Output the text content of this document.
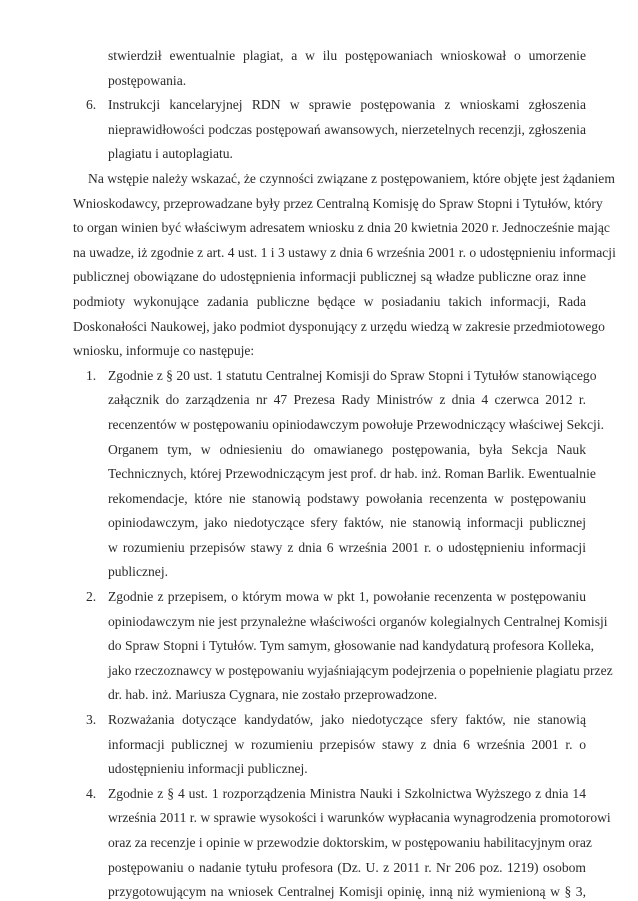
stwierdził ewentualnie plagiat, a w ilu postępowaniach wnioskował o umorzenie
postępowania.
6. Instrukcji kancelaryjnej RDN w sprawie postępowania z wnioskami zgłoszenia
nieprawidłowości podczas postępowań awansowych, nierzetelnych recenzji, zgłoszenia
plagiatu i autoplagiatu.
Na wstępie należy wskazać, że czynności związane z postępowaniem, które objęte jest żądaniem
Wnioskodawcy, przeprowadzane były przez Centralną Komisję do Spraw Stopni i Tytułów, który
to organ winien być właściwym adresatem wniosku z dnia 20 kwietnia 2020 r. Jednocześnie mając
na uwadze, iż zgodnie z art. 4 ust. 1 i 3 ustawy z dnia 6 września 2001 r. o udostępnieniu informacji
publicznej obowiązane do udostępnienia informacji publicznej są władze publiczne oraz inne
podmioty wykonujące zadania publiczne będące w posiadaniu takich informacji, Rada
Doskonałości Naukowej, jako podmiot dysponujący z urzędu wiedzą w zakresie przedmiotowego
wniosku, informuje co następuje:
1. Zgodnie z § 20 ust. 1 statutu Centralnej Komisji do Spraw Stopni i Tytułów stanowiącego
załącznik do zarządzenia nr 47 Prezesa Rady Ministrów z dnia 4 czerwca 2012 r.
recenzentów w postępowaniu opiniodawczym powołuje Przewodniczący właściwej Sekcji.
Organem tym, w odniesieniu do omawianego postępowania, była Sekcja Nauk
Technicznych, której Przewodniczącym jest prof. dr hab. inż. Roman Barlik. Ewentualnie
rekomendacje, które nie stanowią podstawy powołania recenzenta w postępowaniu
opiniodawczym, jako niedotyczące sfery faktów, nie stanowią informacji publicznej
w rozumieniu przepisów stawy z dnia 6 września 2001 r. o udostępnieniu informacji
publicznej.
2. Zgodnie z przepisem, o którym mowa w pkt 1, powołanie recenzenta w postępowaniu
opiniodawczym nie jest przynależne właściwości organów kolegialnych Centralnej Komisji
do Spraw Stopni i Tytułów. Tym samym, głosowanie nad kandydaturą profesora Kolleka,
jako rzeczoznawcy w postępowaniu wyjaśniającym podejrzenia o popełnienie plagiatu przez
dr. hab. inż. Mariusza Cygnara, nie zostało przeprowadzone.
3. Rozważania dotyczące kandydatów, jako niedotyczące sfery faktów, nie stanowią
informacji publicznej w rozumieniu przepisów stawy z dnia 6 września 2001 r. o
udostępnieniu informacji publicznej.
4. Zgodnie z § 4 ust. 1 rozporządzenia Ministra Nauki i Szkolnictwa Wyższego z dnia 14
września 2011 r. w sprawie wysokości i warunków wypłacania wynagrodzenia promotorowi
oraz za recenzje i opinie w przewodzie doktorskim, w postępowaniu habilitacyjnym oraz
postępowaniu o nadanie tytułu profesora (Dz. U. z 2011 r. Nr 206 poz. 1219) osobom
przygotowującym na wniosek Centralnej Komisji opinię, inną niż wymienioną w § 3,
